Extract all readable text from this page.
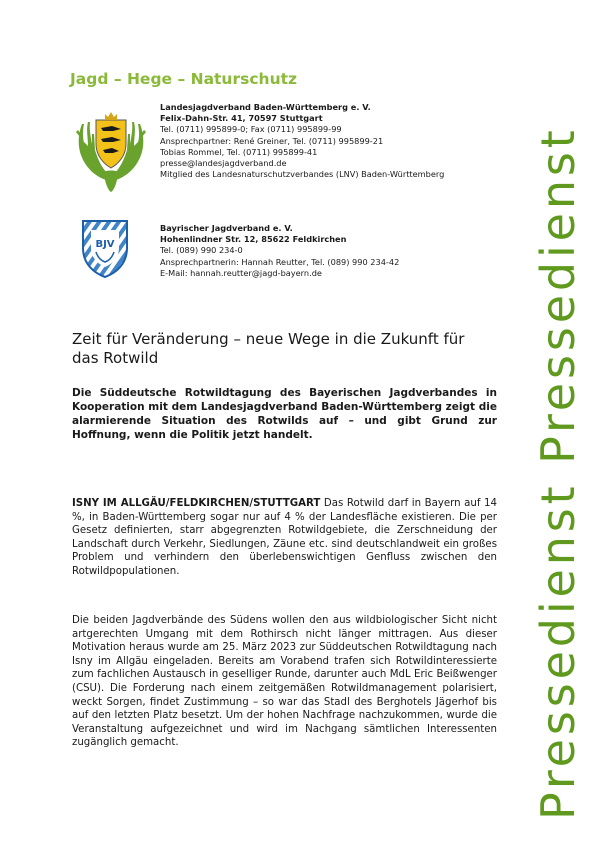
Jagd – Hege – Naturschutz
Landesjagdverband Baden-Württemberg e. V.
Felix-Dahn-Str. 41, 70597 Stuttgart
Tel. (0711) 995899-0; Fax (0711) 995899-99
Ansprechpartner: René Greiner, Tel. (0711) 995899-21
Tobias Rommel, Tel. (0711) 995899-41
presse@landesjagdverband.de
Mitglied des Landesnaturschutzverbandes (LNV) Baden-Württemberg
BJV
Bayrischer Jagdverband e. V.
Hohenlindner Str. 12, 85622 Feldkirchen
Tel. (089) 990 234-0
Ansprechpartnerin: Hannah Reutter, Tel. (089) 990 234-42
E-Mail: hannah.reutter@jagd-bayern.de	Pressedienst Pressedienst
Zeit für Veränderung – neue Wege in die Zukunft für das Rotwild
Die Süddeutsche Rotwildtagung des Bayerischen Jagdverbandes in Kooperation mit dem Landesjagdverband Baden-Württemberg zeigt die alarmierende Situation des Rotwilds auf – und gibt Grund zur Hoffnung, wenn die Politik jetzt handelt.
ISNY IM ALLGÄU/FELDKIRCHEN/STUTTGART Das Rotwild darf in Bayern auf 14 %, in Baden-Württemberg sogar nur auf 4 % der Landesfläche existieren. Die per Gesetz definierten, starr abgegrenzten Rotwildgebiete, die Zerschneidung der Landschaft durch Verkehr, Siedlungen, Zäune etc. sind deutschlandweit ein großes Problem und verhindern den überlebenswichtigen Genfluss zwischen den Rotwildpopulationen.
Die beiden Jagdverbände des Südens wollen den aus wildbiologischer Sicht nicht artgerechten Umgang mit dem Rothirsch nicht länger mittragen. Aus dieser Motivation heraus wurde am 25. März 2023 zur Süddeutschen Rotwildtagung nach Isny im Allgäu eingeladen. Bereits am Vorabend trafen sich Rotwildinteressierte zum fachlichen Austausch in geselliger Runde, darunter auch MdL Eric Beißwenger (CSU). Die Forderung nach einem zeitgemäßen Rotwildmanagement polarisiert, weckt Sorgen, findet Zustimmung – so war das Stadl des Berghotels Jägerhof bis auf den letzten Platz besetzt. Um der hohen Nachfrage nachzukommen, wurde die Veranstaltung aufgezeichnet und wird im Nachgang sämtlichen Interessenten zugänglich gemacht.
